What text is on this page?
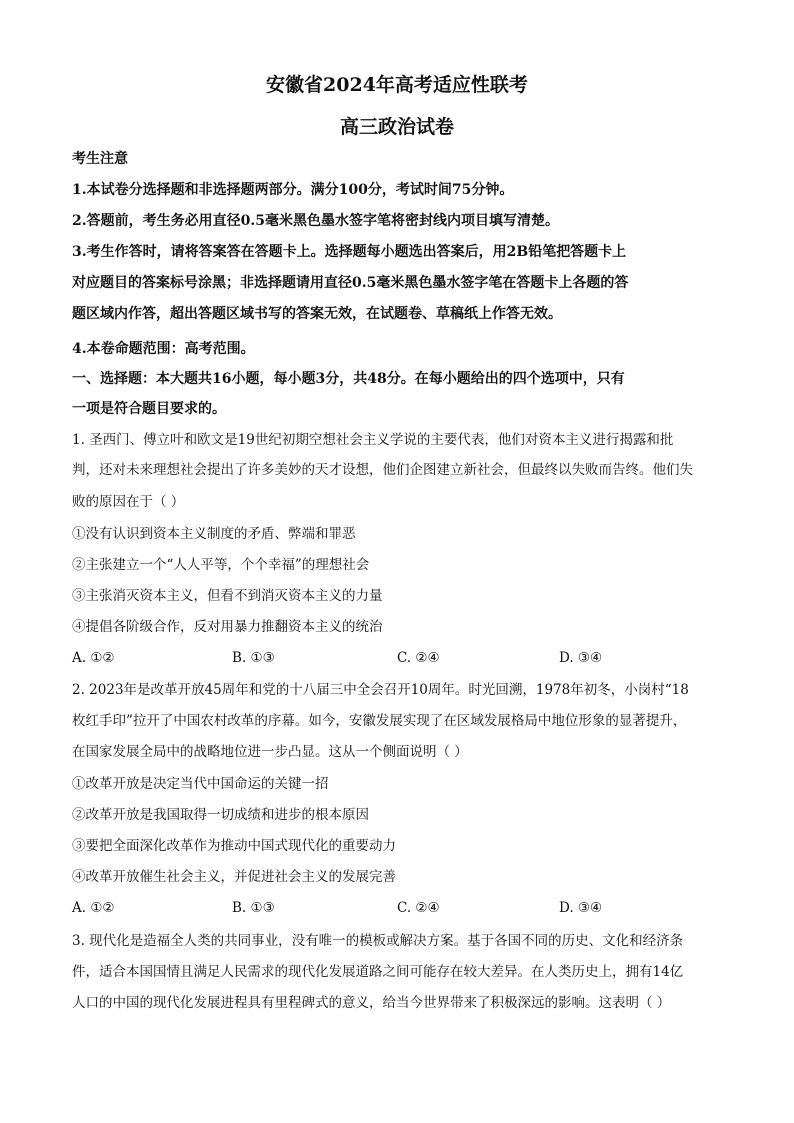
安徽省2024年高考适应性联考
高三政治试卷
考生注意
1.本试卷分选择题和非选择题两部分。满分100分，考试时间75分钟。
2.答题前，考生务必用直径0.5毫米黑色墨水签字笔将密封线内项目填写清楚。
3.考生作答时，请将答案答在答题卡上。选择题每小题选出答案后，用2B铅笔把答题卡上
对应题目的答案标号涂黑；非选择题请用直径0.5毫米黑色墨水签字笔在答题卡上各题的答
题区域内作答，超出答题区域书写的答案无效，在试题卷、草稿纸上作答无效。
4.本卷命题范围：高考范围。
一、选择题：本大题共16小题，每小题3分，共48分。在每小题给出的四个选项中，只有
一项是符合题目要求的。
1. 圣西门、傅立叶和欧文是19世纪初期空想社会主义学说的主要代表，他们对资本主义进行揭露和批
判，还对未来理想社会提出了许多美妙的天才设想，他们企图建立新社会，但最终以失败而告终。他们失
败的原因在于（ ）
①没有认识到资本主义制度的矛盾、弊端和罪恶
②主张建立一个“人人平等，个个幸福”的理想社会
③主张消灭资本主义，但看不到消灭资本主义的力量
④提倡各阶级合作，反对用暴力推翻资本主义的统治
A. ①②	B. ①③	C. ②④	D. ③④
2. 2023年是改革开放45周年和党的十八届三中全会召开10周年。时光回溯，1978年初冬，小岗村“18
枚红手印”拉开了中国农村改革的序幕。如今，安徽发展实现了在区域发展格局中地位形象的显著提升，
在国家发展全局中的战略地位进一步凸显。这从一个侧面说明（ ）
①改革开放是决定当代中国命运的关键一招
②改革开放是我国取得一切成绩和进步的根本原因
③要把全面深化改革作为推动中国式现代化的重要动力
④改革开放催生社会主义，并促进社会主义的发展完善
A. ①②	B. ①③	C. ②④	D. ③④
3. 现代化是造福全人类的共同事业，没有唯一的模板或解决方案。基于各国不同的历史、文化和经济条
件，适合本国国情且满足人民需求的现代化发展道路之间可能存在较大差异。在人类历史上，拥有14亿
人口的中国的现代化发展进程具有里程碑式的意义，给当今世界带来了积极深远的影响。这表明（ ）
